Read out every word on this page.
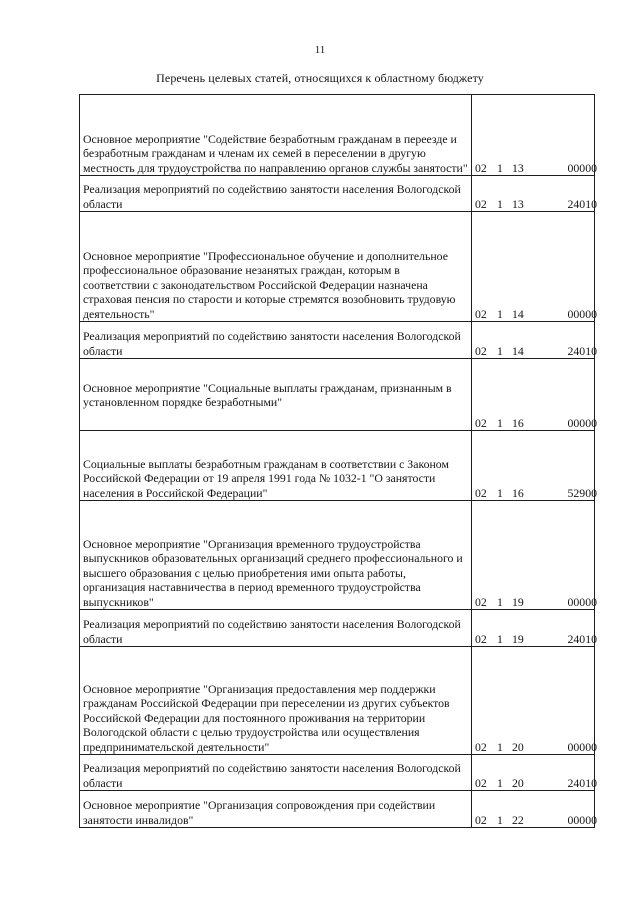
11
Перечень целевых статей, относящихся к областному бюджету
Основное мероприятие "Содействие безработным гражданам в переезде и безработным гражданам и членам их семей в переселении в другую местность для трудоустройства по направлению органов службы занятости"	02 1 13 00000
Реализация мероприятий по содействию занятости населения Вологодской области	02 1 13 24010
Основное мероприятие "Профессиональное обучение и дополнительное профессиональное образование незанятых граждан, которым в соответствии с законодательством Российской Федерации назначена страховая пенсия по старости и которые стремятся возобновить трудовую деятельность"	02 1 14 00000
Реализация мероприятий по содействию занятости населения Вологодской области	02 1 14 24010
Основное мероприятие "Социальные выплаты гражданам, признанным в установленном порядке безработными"	02 1 16 00000
Социальные выплаты безработным гражданам в соответствии с Законом Российской Федерации от 19 апреля 1991 года № 1032-1 "О занятости населения в Российской Федерации"	02 1 16 52900
Основное мероприятие "Организация временного трудоустройства выпускников образовательных организаций среднего профессионального и высшего образования с целью приобретения ими опыта работы, организация наставничества в период временного трудоустройства выпускников"	02 1 19 00000
Реализация мероприятий по содействию занятости населения Вологодской области	02 1 19 24010
Основное мероприятие "Организация предоставления мер поддержки гражданам Российской Федерации при переселении из других субъектов Российской Федерации для постоянного проживания на территории Вологодской области с целью трудоустройства или осуществления предпринимательской деятельности"	02 1 20 00000
Реализация мероприятий по содействию занятости населения Вологодской области	02 1 20 24010
Основное мероприятие "Организация сопровождения при содействии занятости инвалидов"	02 1 22 00000
